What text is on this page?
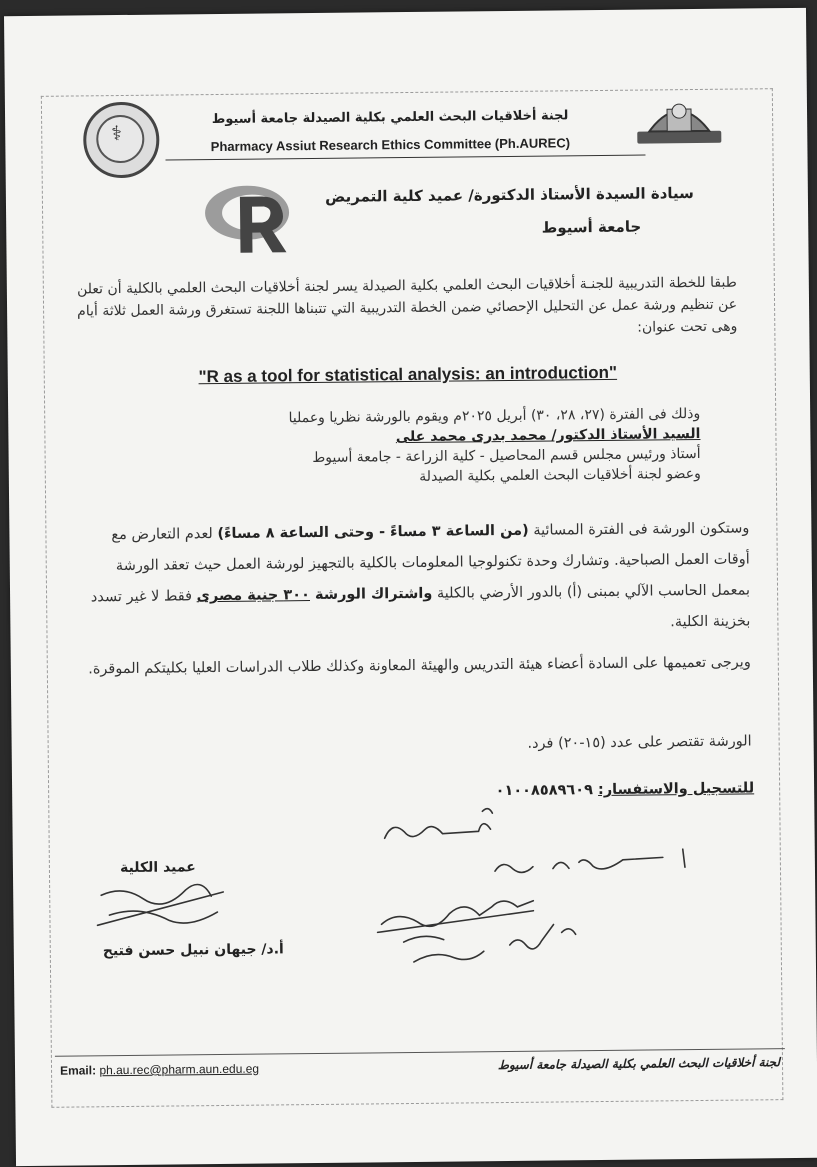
⚕
لجنة أخلاقيات البحث العلمي بكلية الصيدلة جامعة أسيوط
Pharmacy Assiut Research Ethics Committee (Ph.AUREC)
سيادة السيدة الأستاذ الدكتورة/ عميد كلية التمريض
جامعة أسيوط
طبقا للخطة التدريبية للجنـة أخلاقيات البحث العلمي بكلية الصيدلة يسر لجنة أخلاقيات البحث العلمي بالكلية أن تعلن عن تنظيم ورشة عمل عن التحليل الإحصائي ضمن الخطة التدريبية التي تتبناها اللجنة تستغرق ورشة العمل ثلاثة أيام وهى تحت عنوان:
"R as a tool for statistical analysis: an introduction"
وذلك فى الفترة (٢٧، ٢٨، ٣٠) أبريل ٢٠٢٥م ويقوم بالورشة نظريا وعمليا
السيد الأستاذ الدكتور/ محمد بدرى محمد على
أستاذ ورئيس مجلس قسم المحاصيل - كلية الزراعة - جامعة أسيوط
وعضو لجنة أخلاقيات البحث العلمي بكلية الصيدلة
وستكون الورشة فى الفترة المسائية (من الساعة ٣ مساءً - وحتى الساعة ٨ مساءً) لعدم التعارض مع أوقات العمل الصباحية. وتشارك وحدة تكنولوجيا المعلومات بالكلية بالتجهيز لورشة العمل حيث تعقد الورشة بمعمل الحاسب الآلي بمبنى (أ) بالدور الأرضي بالكلية واشتراك الورشة ٣٠٠ جنية مصرى فقط لا غير تسدد بخزينة الكلية.
ويرجى تعميمها على السادة أعضاء هيئة التدريس والهيئة المعاونة وكذلك طلاب الدراسات العليا بكليتكم الموقرة.
الورشة تقتصر على عدد (١٥-٢٠) فرد.
للتسجيل والاستفسار: ٠١٠٠٨٥٨٩٦٠٩
عميد الكلية
أ.د/ جيهان نبيل حسن فتيح
Email: ph.au.rec@pharm.aun.edu.eg	لجنة أخلاقيات البحث العلمي بكلية الصيدلة جامعة أسيوط
